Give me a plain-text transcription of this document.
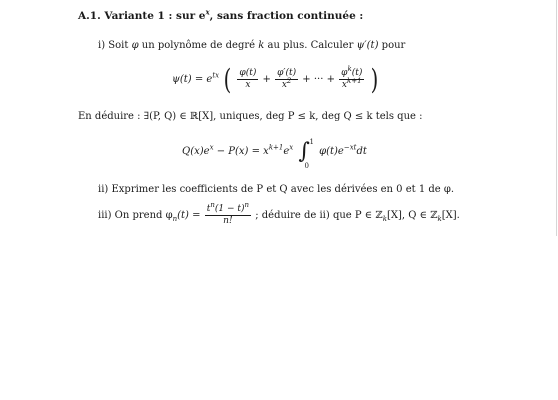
A.1. Variante 1 : sur $e^x$, sans fraction continuée :
i) Soit φ un polynôme de degré k au plus. Calculer ψ′(t) pour
$\psi(t) = e^{tx}$ ( $\frac{\varphi(t)}{x} + \frac{\varphi'(t)}{x^2}$ + ··· + $\frac{\varphi^k(t)}{x^{k+1}}$ )
En déduire : ∃(P, Q) ∈ ℝ[X], uniques, deg P ≤ k, deg Q ≤ k tels que :
$Q(x)e^x - P(x) = x^{k+1}e^x$ ∫ 1
0
$\varphi(t)e^{-xt}dt$
ii) Exprimer les coefficients de P et Q avec les dérivées en 0 et 1 de φ.
iii) On prend $\varphi_n(t) = \frac{t^n(1 - t)^n}{n!}$ ; déduire de ii) que P ∈ ℤ$_k$[X], Q ∈ ℤ$_k$[X].
